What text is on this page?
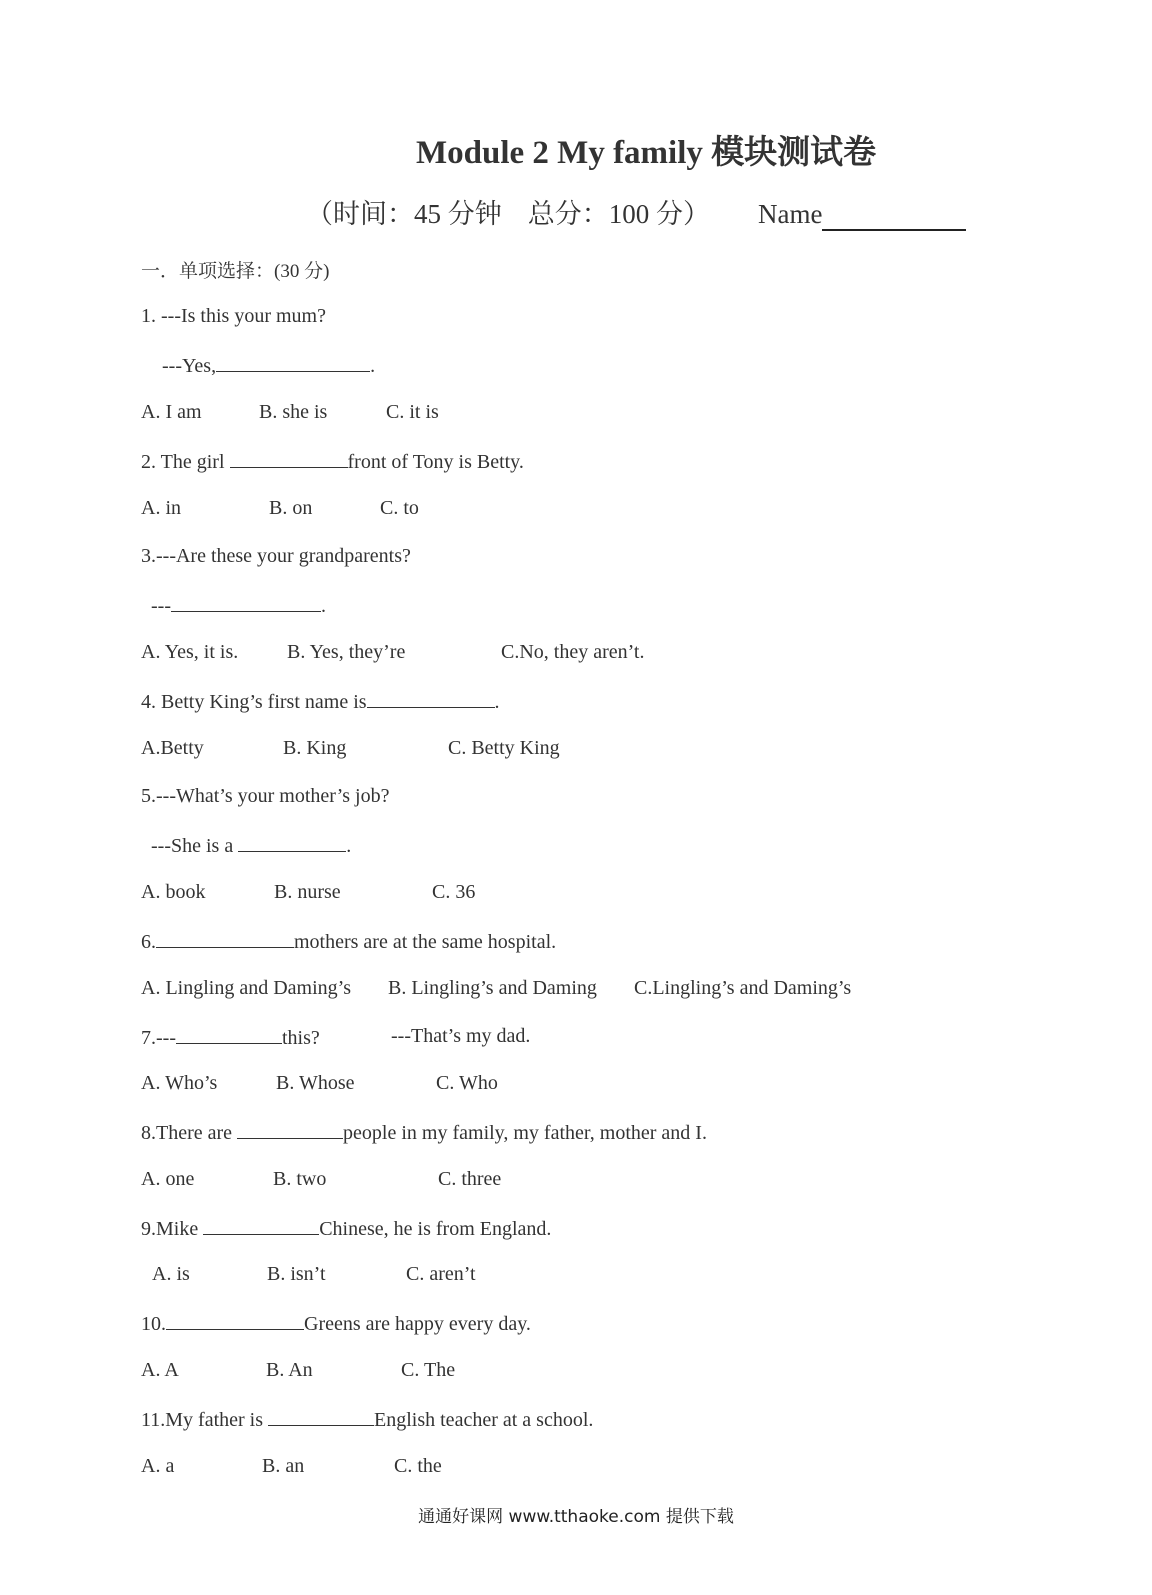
Module 2 My family 模块测试卷
（时间：45 分钟 总分：100 分） Name
一．单项选择：(30 分)
1. ---Is this your mum?
---Yes,	.
A. I am	B. she is	C. it is
2. The girl	front of Tony is Betty.
A. in	B. on	C. to
3.---Are these your grandparents?
---	.
A. Yes, it is. B. Yes, they’re	C.No, they aren’t.
4. Betty King’s first name is	.
A.Betty	B. King	C. Betty King
5.---What’s your mother’s job?
---She is a	.
A. book	B. nurse	C. 36
6.	mothers are at the same hospital.
A. Lingling and Daming’s B. Lingling’s and Daming C.Lingling’s and Daming’s
7.---	this?	---That’s my dad.
A. Who’s	B. Whose	C. Who
8.There are	people in my family, my father, mother and I.
A. one	B. two	C. three
9.Mike	Chinese, he is from England.
A. is	B. isn’t	C. aren’t
10.	Greens are happy every day.
A. A	B. An	C. The
11.My father is	English teacher at a school.
A. a	B. an	C. the
通通好课网 www.tthaoke.com 提供下载
